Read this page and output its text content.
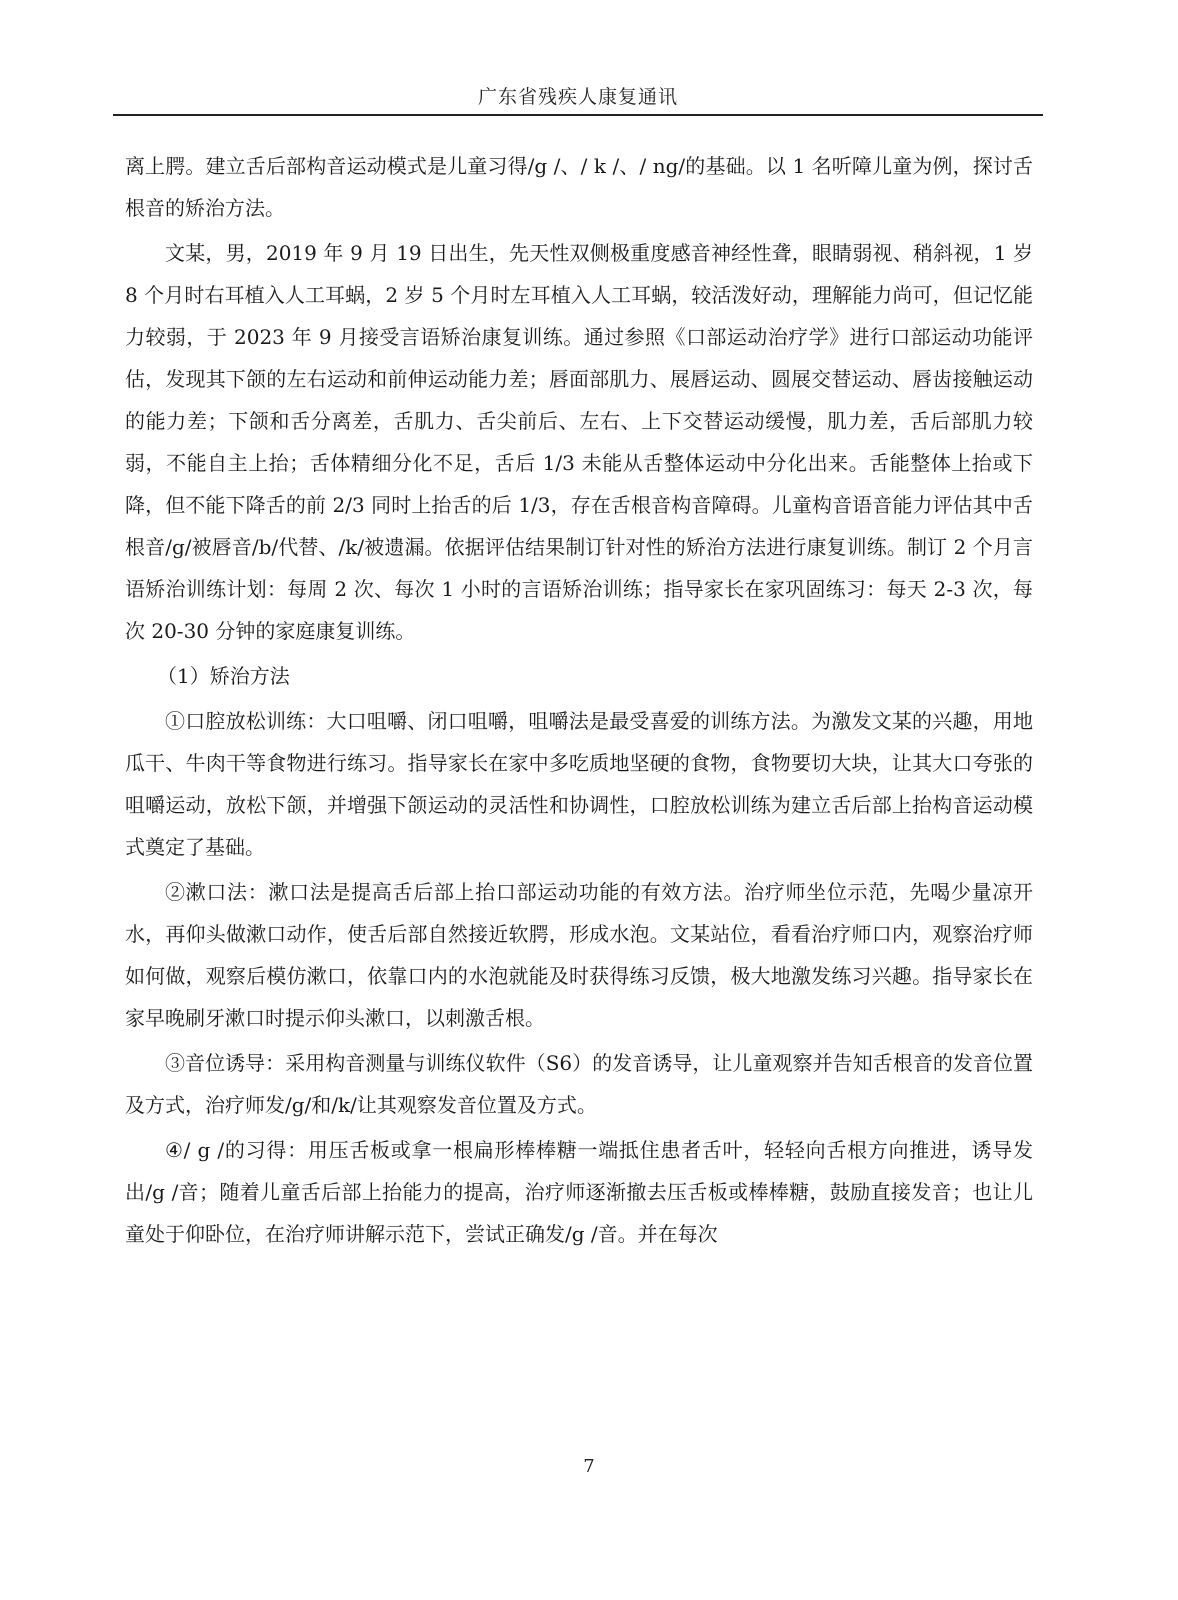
广东省残疾人康复通讯

离上腭。建立舌后部构音运动模式是儿童习得/g /、/ k /、/ ng/的基础。以 1 名听障儿童为例，探讨舌根音的矫治方法。

文某，男，2019 年 9 月 19 日出生，先天性双侧极重度感音神经性聋，眼睛弱视、稍斜视，1 岁 8 个月时右耳植入人工耳蜗，2 岁 5 个月时左耳植入人工耳蜗，较活泼好动，理解能力尚可，但记忆能力较弱，于 2023 年 9 月接受言语矫治康复训练。通过参照《口部运动治疗学》进行口部运动功能评估，发现其下颌的左右运动和前伸运动能力差；唇面部肌力、展唇运动、圆展交替运动、唇齿接触运动的能力差；下颌和舌分离差，舌肌力、舌尖前后、左右、上下交替运动缓慢，肌力差，舌后部肌力较弱，不能自主上抬；舌体精细分化不足，舌后 1/3 未能从舌整体运动中分化出来。舌能整体上抬或下降，但不能下降舌的前 2/3 同时上抬舌的后 1/3，存在舌根音构音障碍。儿童构音语音能力评估其中舌根音/g/被唇音/b/代替、/k/被遗漏。依据评估结果制订针对性的矫治方法进行康复训练。制订 2 个月言语矫治训练计划：每周 2 次、每次 1 小时的言语矫治训练；指导家长在家巩固练习：每天 2-3 次，每次 20-30 分钟的家庭康复训练。

（1）矫治方法

①口腔放松训练：大口咀嚼、闭口咀嚼，咀嚼法是最受喜爱的训练方法。为激发文某的兴趣，用地瓜干、牛肉干等食物进行练习。指导家长在家中多吃质地坚硬的食物，食物要切大块，让其大口夸张的咀嚼运动，放松下颌，并增强下颌运动的灵活性和协调性，口腔放松训练为建立舌后部上抬构音运动模式奠定了基础。

②漱口法：漱口法是提高舌后部上抬口部运动功能的有效方法。治疗师坐位示范，先喝少量凉开水，再仰头做漱口动作，使舌后部自然接近软腭，形成水泡。文某站位，看看治疗师口内，观察治疗师如何做，观察后模仿漱口，依靠口内的水泡就能及时获得练习反馈，极大地激发练习兴趣。指导家长在家早晚刷牙漱口时提示仰头漱口，以刺激舌根。

③音位诱导：采用构音测量与训练仪软件（S6）的发音诱导，让儿童观察并告知舌根音的发音位置及方式，治疗师发/g/和/k/让其观察发音位置及方式。

④/ g /的习得：用压舌板或拿一根扁形棒棒糖一端抵住患者舌叶，轻轻向舌根方向推进，诱导发出/g /音；随着儿童舌后部上抬能力的提高，治疗师逐渐撤去压舌板或棒棒糖，鼓励直接发音；也让儿童处于仰卧位，在治疗师讲解示范下，尝试正确发/g /音。并在每次

7
